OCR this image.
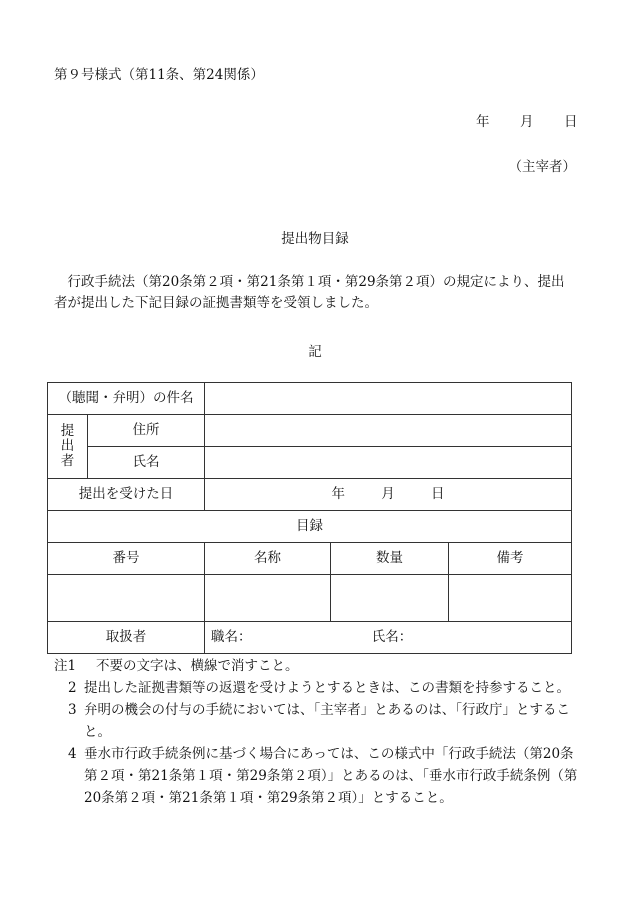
第９号様式（第11条、第24関係）
年 月 日
（主宰者）
提出物目録
行政手続法（第20条第２項・第21条第１項・第29条第２項）の規定により、提出者が提出した下記目録の証拠書類等を受領しました。
記
（聴聞・弁明）の件名				
提
出
者	住所			
	氏名			
提出を受けた日		年 月 日		
目録				
番号		名称	数量	備考

取扱者		職名： 氏名：		
注1 不要の文字は、横線で消すこと。
2 提出した証拠書類等の返還を受けようとするときは、この書類を持参すること。
3 弁明の機会の付与の手続においては、「主宰者」とあるのは、「行政庁」とすること。
4 垂水市行政手続条例に基づく場合にあっては、この様式中「行政手続法（第20条第２項・第21条第１項・第29条第２項）」とあるのは、「垂水市行政手続条例（第20条第２項・第21条第１項・第29条第２項）」とすること。
